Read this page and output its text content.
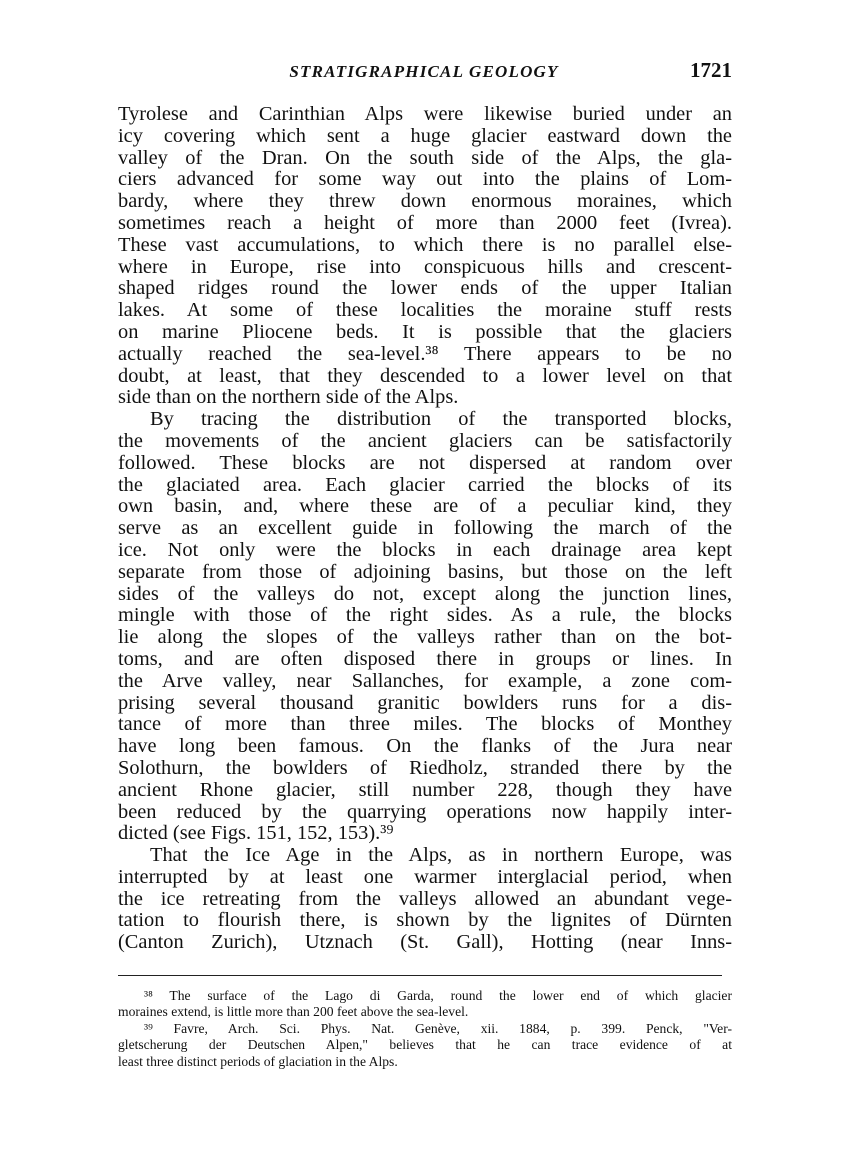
STRATIGRAPHICAL GEOLOGY	1721
Tyrolese and Carinthian Alps were likewise buried under an
icy covering which sent a huge glacier eastward down the
valley of the Dran. On the south side of the Alps, the gla-
ciers advanced for some way out into the plains of Lom-
bardy, where they threw down enormous moraines, which
sometimes reach a height of more than 2000 feet (Ivrea).
These vast accumulations, to which there is no parallel else-
where in Europe, rise into conspicuous hills and crescent-
shaped ridges round the lower ends of the upper Italian
lakes. At some of these localities the moraine stuff rests
on marine Pliocene beds. It is possible that the glaciers
actually reached the sea-level.³⁸ There appears to be no
doubt, at least, that they descended to a lower level on that
side than on the northern side of the Alps.
By tracing the distribution of the transported blocks,
the movements of the ancient glaciers can be satisfactorily
followed. These blocks are not dispersed at random over
the glaciated area. Each glacier carried the blocks of its
own basin, and, where these are of a peculiar kind, they
serve as an excellent guide in following the march of the
ice. Not only were the blocks in each drainage area kept
separate from those of adjoining basins, but those on the left
sides of the valleys do not, except along the junction lines,
mingle with those of the right sides. As a rule, the blocks
lie along the slopes of the valleys rather than on the bot-
toms, and are often disposed there in groups or lines. In
the Arve valley, near Sallanches, for example, a zone com-
prising several thousand granitic bowlders runs for a dis-
tance of more than three miles. The blocks of Monthey
have long been famous. On the flanks of the Jura near
Solothurn, the bowlders of Riedholz, stranded there by the
ancient Rhone glacier, still number 228, though they have
been reduced by the quarrying operations now happily inter-
dicted (see Figs. 151, 152, 153).³⁹
That the Ice Age in the Alps, as in northern Europe, was
interrupted by at least one warmer interglacial period, when
the ice retreating from the valleys allowed an abundant vege-
tation to flourish there, is shown by the lignites of Dürnten
(Canton Zurich), Utznach (St. Gall), Hotting (near Inns-
³⁸ The surface of the Lago di Garda, round the lower end of which glacier
moraines extend, is little more than 200 feet above the sea-level.
³⁹ Favre, Arch. Sci. Phys. Nat. Genève, xii. 1884, p. 399. Penck, "Ver-
gletscherung der Deutschen Alpen," believes that he can trace evidence of at
least three distinct periods of glaciation in the Alps.
